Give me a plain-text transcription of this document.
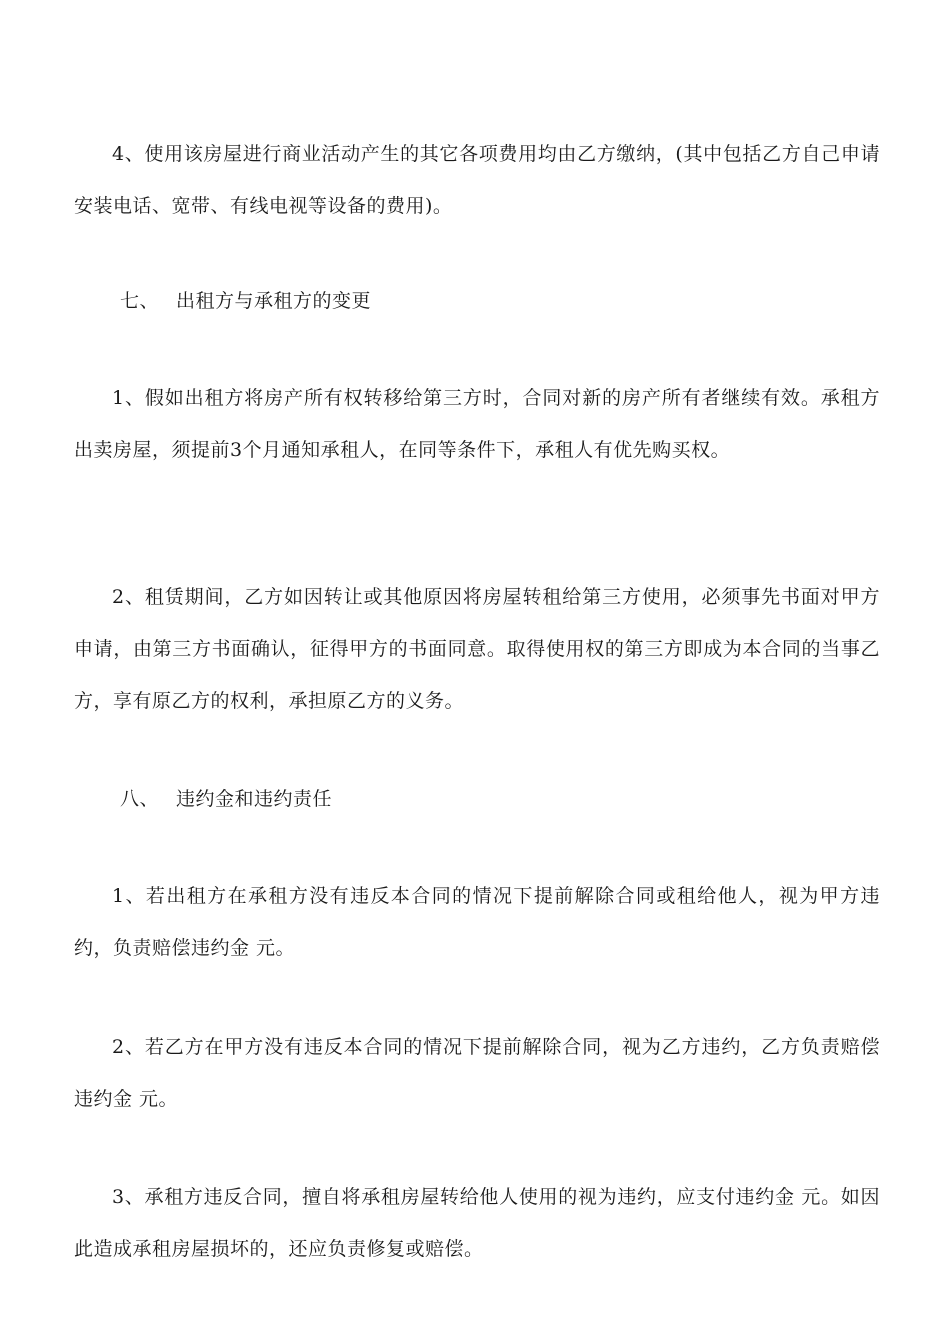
4、使用该房屋进行商业活动产生的其它各项费用均由乙方缴纳，(其中包括乙方自己申请安装电话、宽带、有线电视等设备的费用)。

七、 出租方与承租方的变更

1、假如出租方将房产所有权转移给第三方时，合同对新的房产所有者继续有效。承租方出卖房屋，须提前3个月通知承租人，在同等条件下，承租人有优先购买权。

2、租赁期间，乙方如因转让或其他原因将房屋转租给第三方使用，必须事先书面对甲方申请，由第三方书面确认，征得甲方的书面同意。取得使用权的第三方即成为本合同的当事乙方，享有原乙方的权利，承担原乙方的义务。

八、 违约金和违约责任

1、若出租方在承租方没有违反本合同的情况下提前解除合同或租给他人，视为甲方违约，负责赔偿违约金 元。

2、若乙方在甲方没有违反本合同的情况下提前解除合同，视为乙方违约，乙方负责赔偿违约金 元。

3、承租方违反合同，擅自将承租房屋转给他人使用的视为违约，应支付违约金 元。如因此造成承租房屋损坏的，还应负责修复或赔偿。
